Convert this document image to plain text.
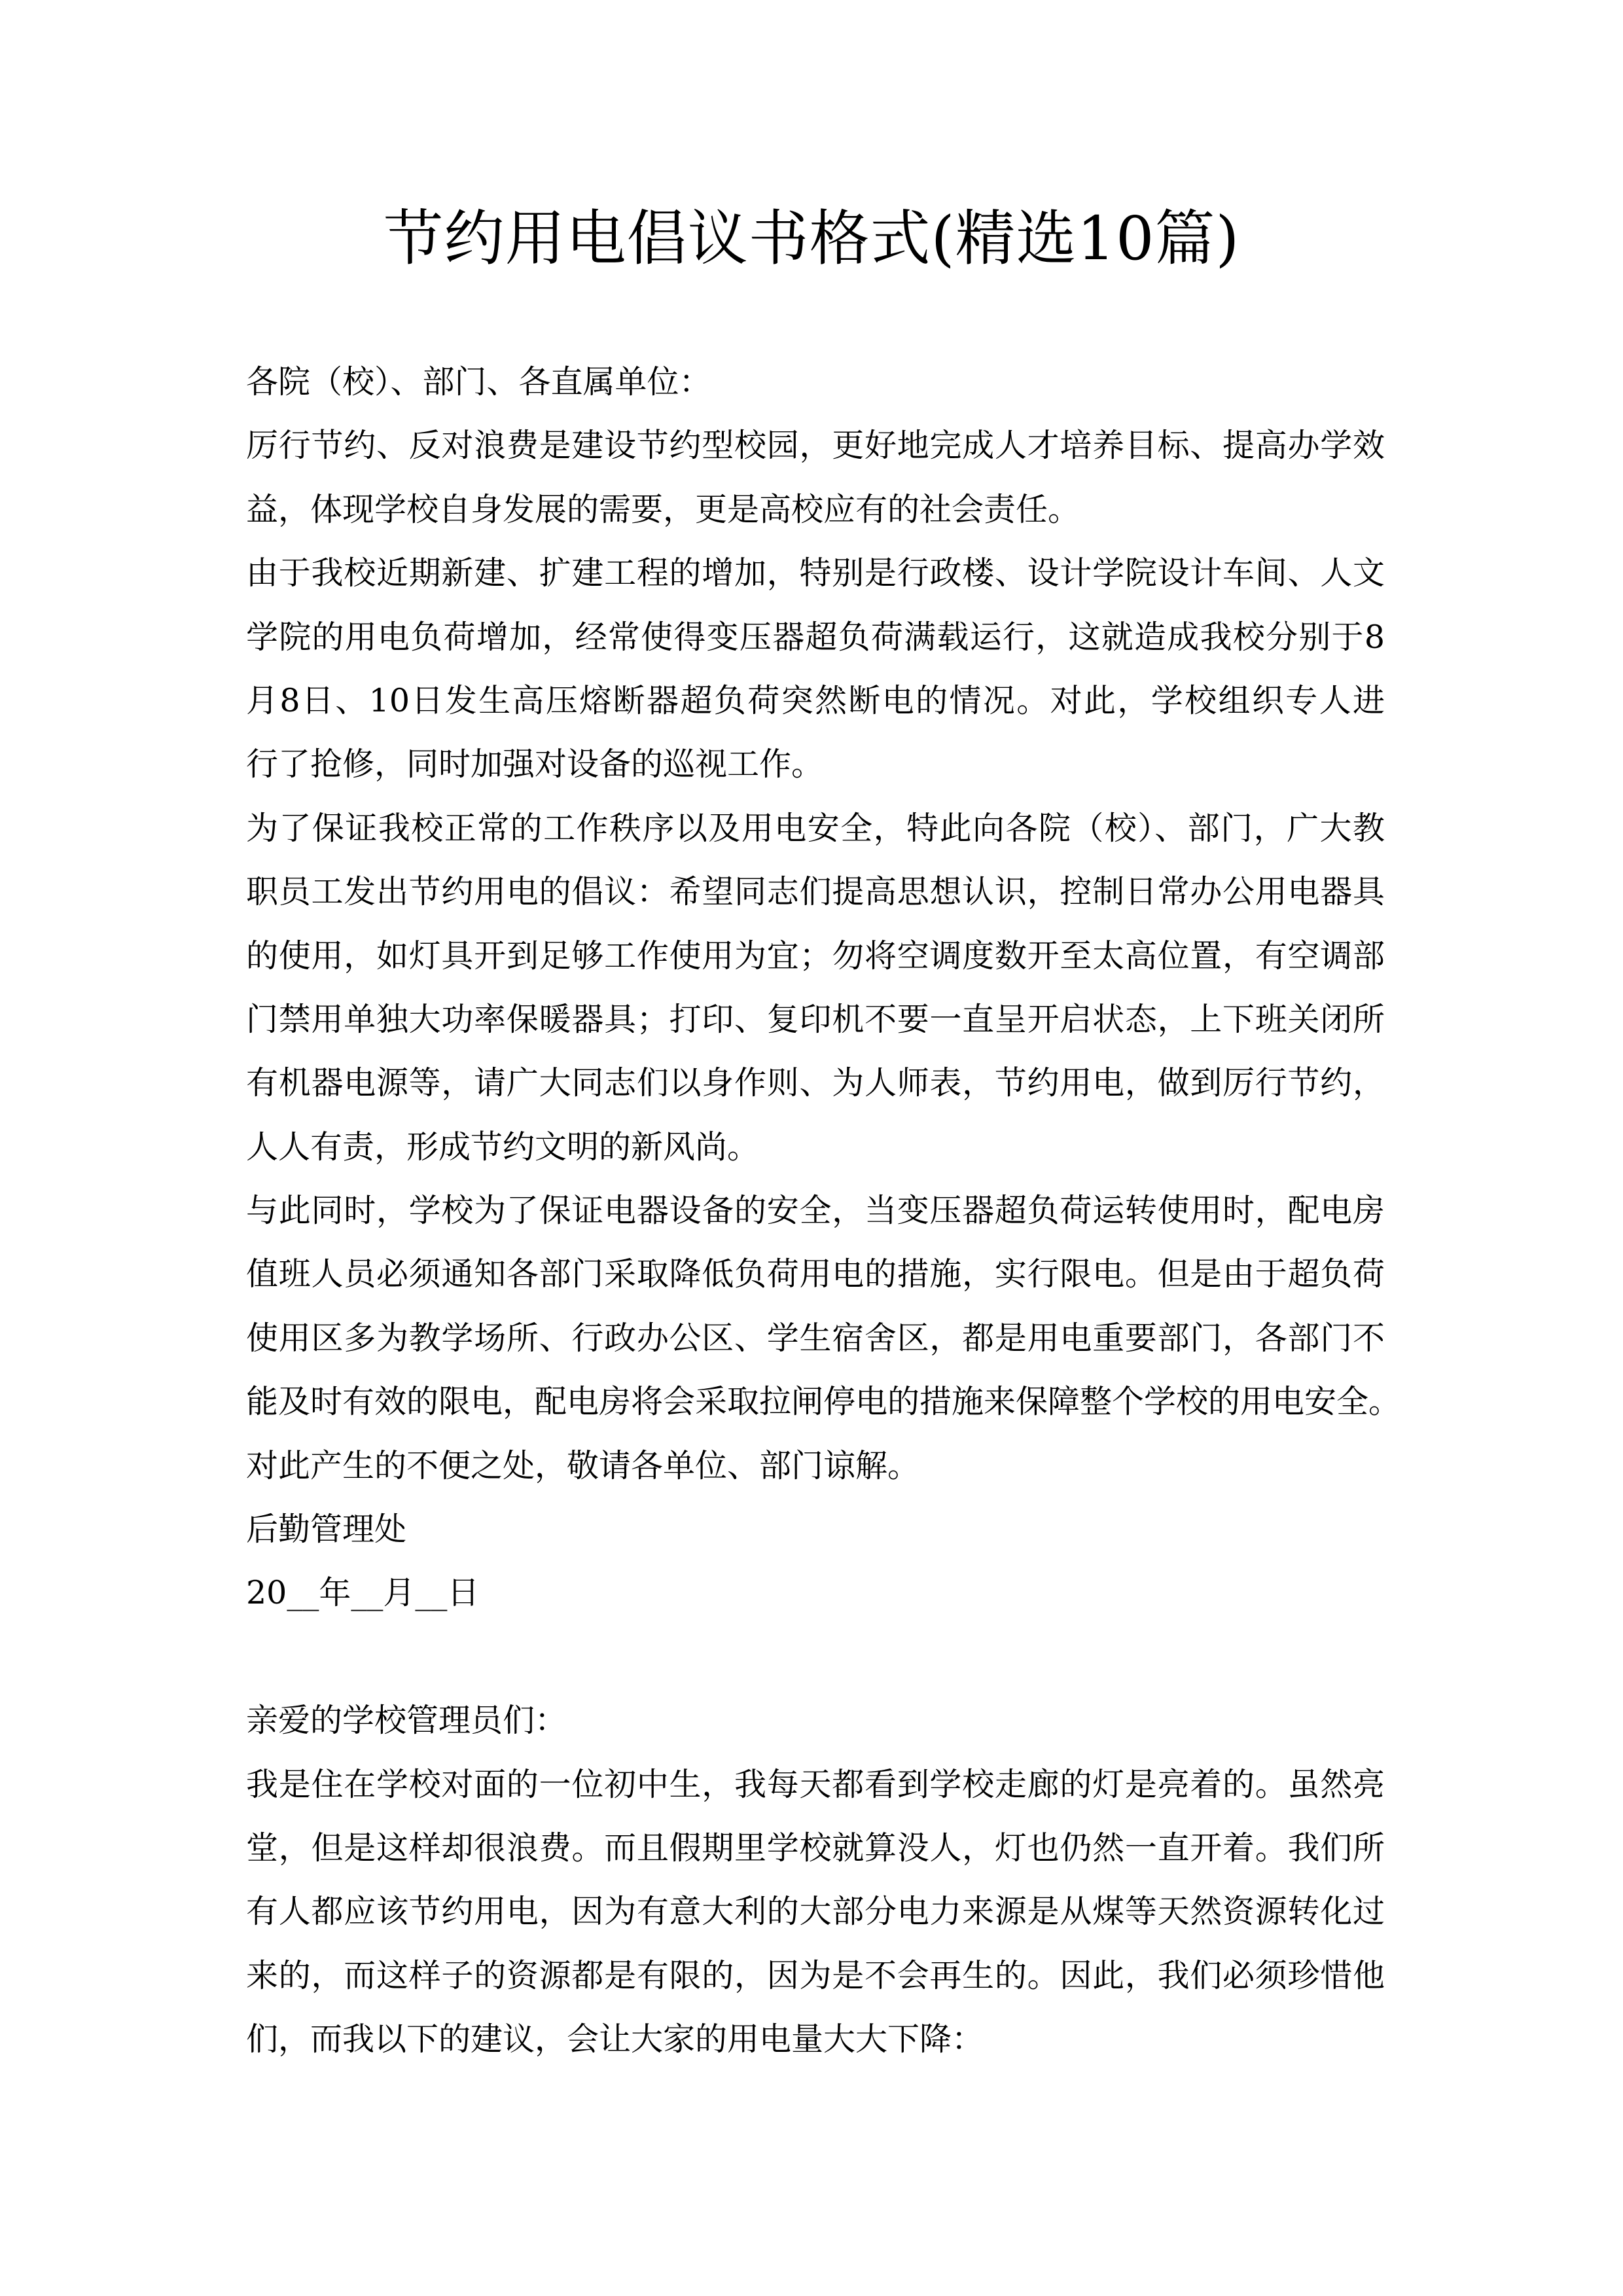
节约用电倡议书格式(精选10篇)
各院（校）、部门、各直属单位：
厉行节约、反对浪费是建设节约型校园，更好地完成人才培养目标、提高办学效
益，体现学校自身发展的需要，更是高校应有的社会责任。
由于我校近期新建、扩建工程的增加，特别是行政楼、设计学院设计车间、人文
学院的用电负荷增加，经常使得变压器超负荷满载运行，这就造成我校分别于8
月8日、10日发生高压熔断器超负荷突然断电的情况。对此，学校组织专人进
行了抢修，同时加强对设备的巡视工作。
为了保证我校正常的工作秩序以及用电安全，特此向各院（校）、部门，广大教
职员工发出节约用电的倡议：希望同志们提高思想认识，控制日常办公用电器具
的使用，如灯具开到足够工作使用为宜；勿将空调度数开至太高位置，有空调部
门禁用单独大功率保暖器具；打印、复印机不要一直呈开启状态，上下班关闭所
有机器电源等，请广大同志们以身作则、为人师表，节约用电，做到厉行节约，
人人有责，形成节约文明的新风尚。
与此同时，学校为了保证电器设备的安全，当变压器超负荷运转使用时，配电房
值班人员必须通知各部门采取降低负荷用电的措施，实行限电。但是由于超负荷
使用区多为教学场所、行政办公区、学生宿舍区，都是用电重要部门，各部门不
能及时有效的限电，配电房将会采取拉闸停电的措施来保障整个学校的用电安全。
对此产生的不便之处，敬请各单位、部门谅解。
后勤管理处
20__年__月__日
亲爱的学校管理员们：
我是住在学校对面的一位初中生，我每天都看到学校走廊的灯是亮着的。虽然亮
堂，但是这样却很浪费。而且假期里学校就算没人，灯也仍然一直开着。我们所
有人都应该节约用电，因为有意大利的大部分电力来源是从煤等天然资源转化过
来的，而这样子的资源都是有限的，因为是不会再生的。因此，我们必须珍惜他
们，而我以下的建议，会让大家的用电量大大下降：
